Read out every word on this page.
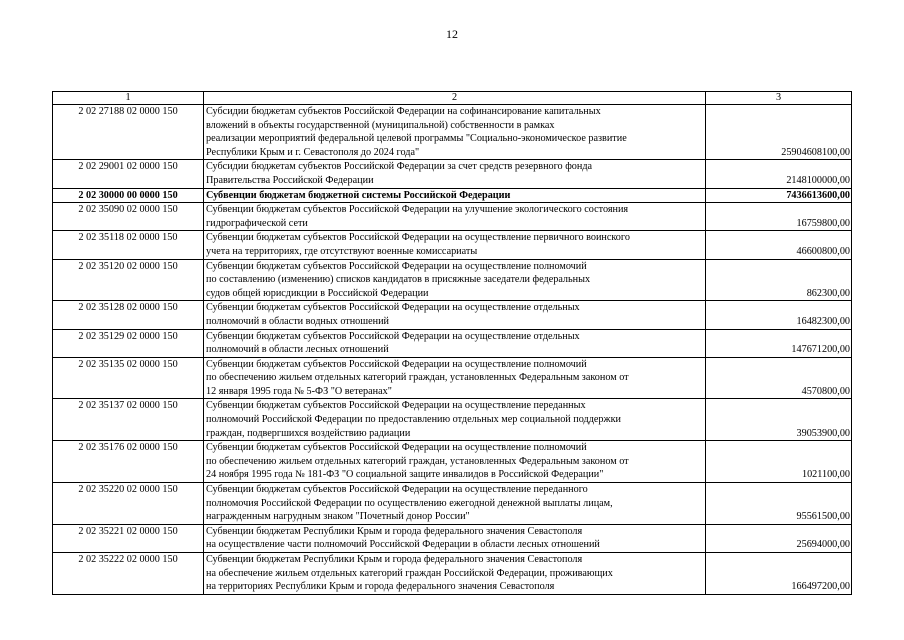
12
1	2	3
2 02 27188 02 0000 150	Субсидии бюджетам субъектов Российской Федерации на софинансирование капитальных
вложений в объекты государственной (муниципальной) собственности в рамках
реализации мероприятий федеральной целевой программы "Социально-экономическое развитие
Республики Крым и г. Севастополя до 2024 года"	25904608100,00
2 02 29001 02 0000 150	Субсидии бюджетам субъектов Российской Федерации за счет средств резервного фонда
Правительства Российской Федерации	2148100000,00
2 02 30000 00 0000 150	Субвенции бюджетам бюджетной системы Российской Федерации	7436613600,00
2 02 35090 02 0000 150	Субвенции бюджетам субъектов Российской Федерации на улучшение экологического состояния
гидрографической сети	16759800,00
2 02 35118 02 0000 150	Субвенции бюджетам субъектов Российской Федерации на осуществление первичного воинского
учета на территориях, где отсутствуют военные комиссариаты	46600800,00
2 02 35120 02 0000 150	Субвенции бюджетам субъектов Российской Федерации на осуществление полномочий
по составлению (изменению) списков кандидатов в присяжные заседатели федеральных
судов общей юрисдикции в Российской Федерации	862300,00
2 02 35128 02 0000 150	Субвенции бюджетам субъектов Российской Федерации на осуществление отдельных
полномочий в области водных отношений	16482300,00
2 02 35129 02 0000 150	Субвенции бюджетам субъектов Российской Федерации на осуществление отдельных
полномочий в области лесных отношений	147671200,00
2 02 35135 02 0000 150	Субвенции бюджетам субъектов Российской Федерации на осуществление полномочий
по обеспечению жильем отдельных категорий граждан, установленных Федеральным законом от
12 января 1995 года № 5-ФЗ "О ветеранах"	4570800,00
2 02 35137 02 0000 150	Субвенции бюджетам субъектов Российской Федерации на осуществление переданных
полномочий Российской Федерации по предоставлению отдельных мер социальной поддержки
граждан, подвергшихся воздействию радиации	39053900,00
2 02 35176 02 0000 150	Субвенции бюджетам субъектов Российской Федерации на осуществление полномочий
по обеспечению жильем отдельных категорий граждан, установленных Федеральным законом от
24 ноября 1995 года № 181-ФЗ "О социальной защите инвалидов в Российской Федерации"	1021100,00
2 02 35220 02 0000 150	Субвенции бюджетам субъектов Российской Федерации на осуществление переданного
полномочия Российской Федерации по осуществлению ежегодной денежной выплаты лицам,
награжденным нагрудным знаком "Почетный донор России"	95561500,00
2 02 35221 02 0000 150	Субвенции бюджетам Республики Крым и города федерального значения Севастополя
на осуществление части полномочий Российской Федерации в области лесных отношений	25694000,00
2 02 35222 02 0000 150	Субвенции бюджетам Республики Крым и города федерального значения Севастополя
на обеспечение жильем отдельных категорий граждан Российской Федерации, проживающих
на территориях Республики Крым и города федерального значения Севастополя	166497200,00
